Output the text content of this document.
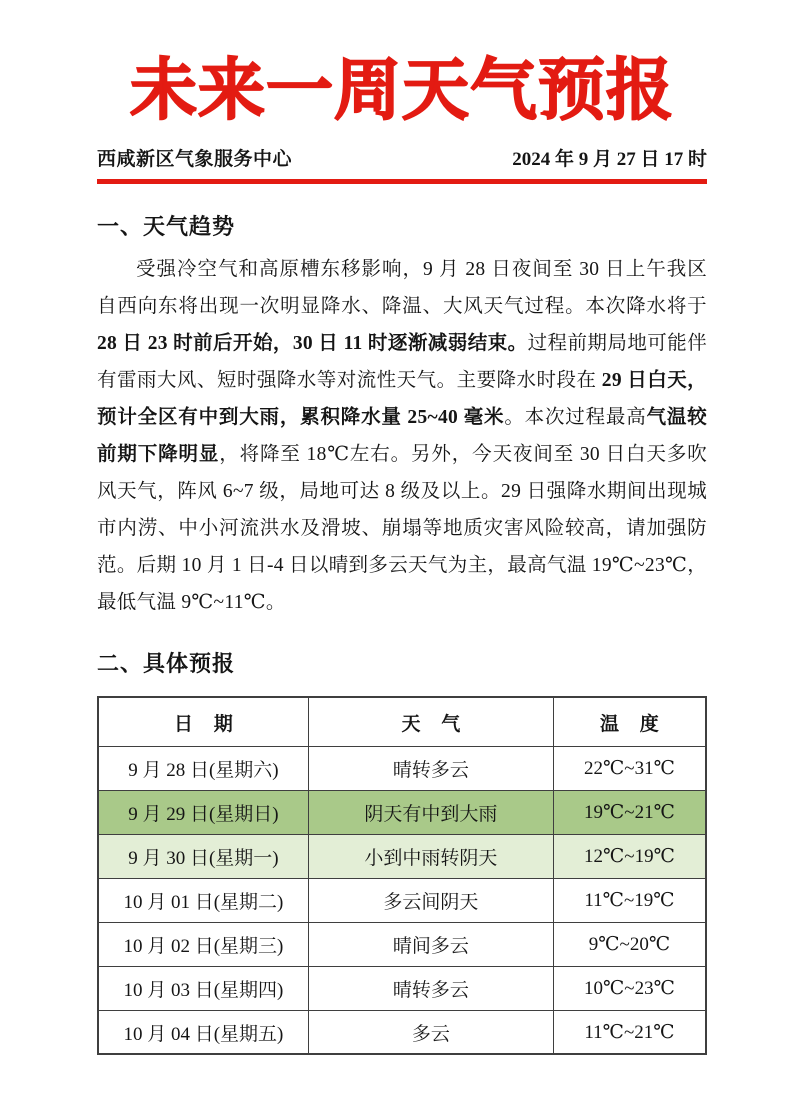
未来一周天气预报
西咸新区气象服务中心	2024 年 9 月 27 日 17 时
一、天气趋势

受强冷空气和高原槽东移影响，9 月 28 日夜间至 30 日上午我区自西向东将出现一次明显降水、降温、大风天气过程。本次降水将于 28 日 23 时前后开始，30 日 11 时逐渐减弱结束。过程前期局地可能伴有雷雨大风、短时强降水等对流性天气。主要降水时段在 29 日白天，预计全区有中到大雨，累积降水量 25~40 毫米。本次过程最高气温较前期下降明显，将降至 18℃左右。另外，今天夜间至 30 日白天多吹风天气，阵风 6~7 级，局地可达 8 级及以上。29 日强降水期间出现城市内涝、中小河流洪水及滑坡、崩塌等地质灾害风险较高，请加强防范。后期 10 月 1 日-4 日以晴到多云天气为主，最高气温 19℃~23℃，最低气温 9℃~11℃。

二、具体预报
日 期	天 气	温 度
9 月 28 日(星期六)	晴转多云	22℃~31℃
9 月 29 日(星期日)	阴天有中到大雨	19℃~21℃
9 月 30 日(星期一)	小到中雨转阴天	12℃~19℃
10 月 01 日(星期二)	多云间阴天	11℃~19℃
10 月 02 日(星期三)	晴间多云	9℃~20℃
10 月 03 日(星期四)	晴转多云	10℃~23℃
10 月 04 日(星期五)	多云	11℃~21℃
